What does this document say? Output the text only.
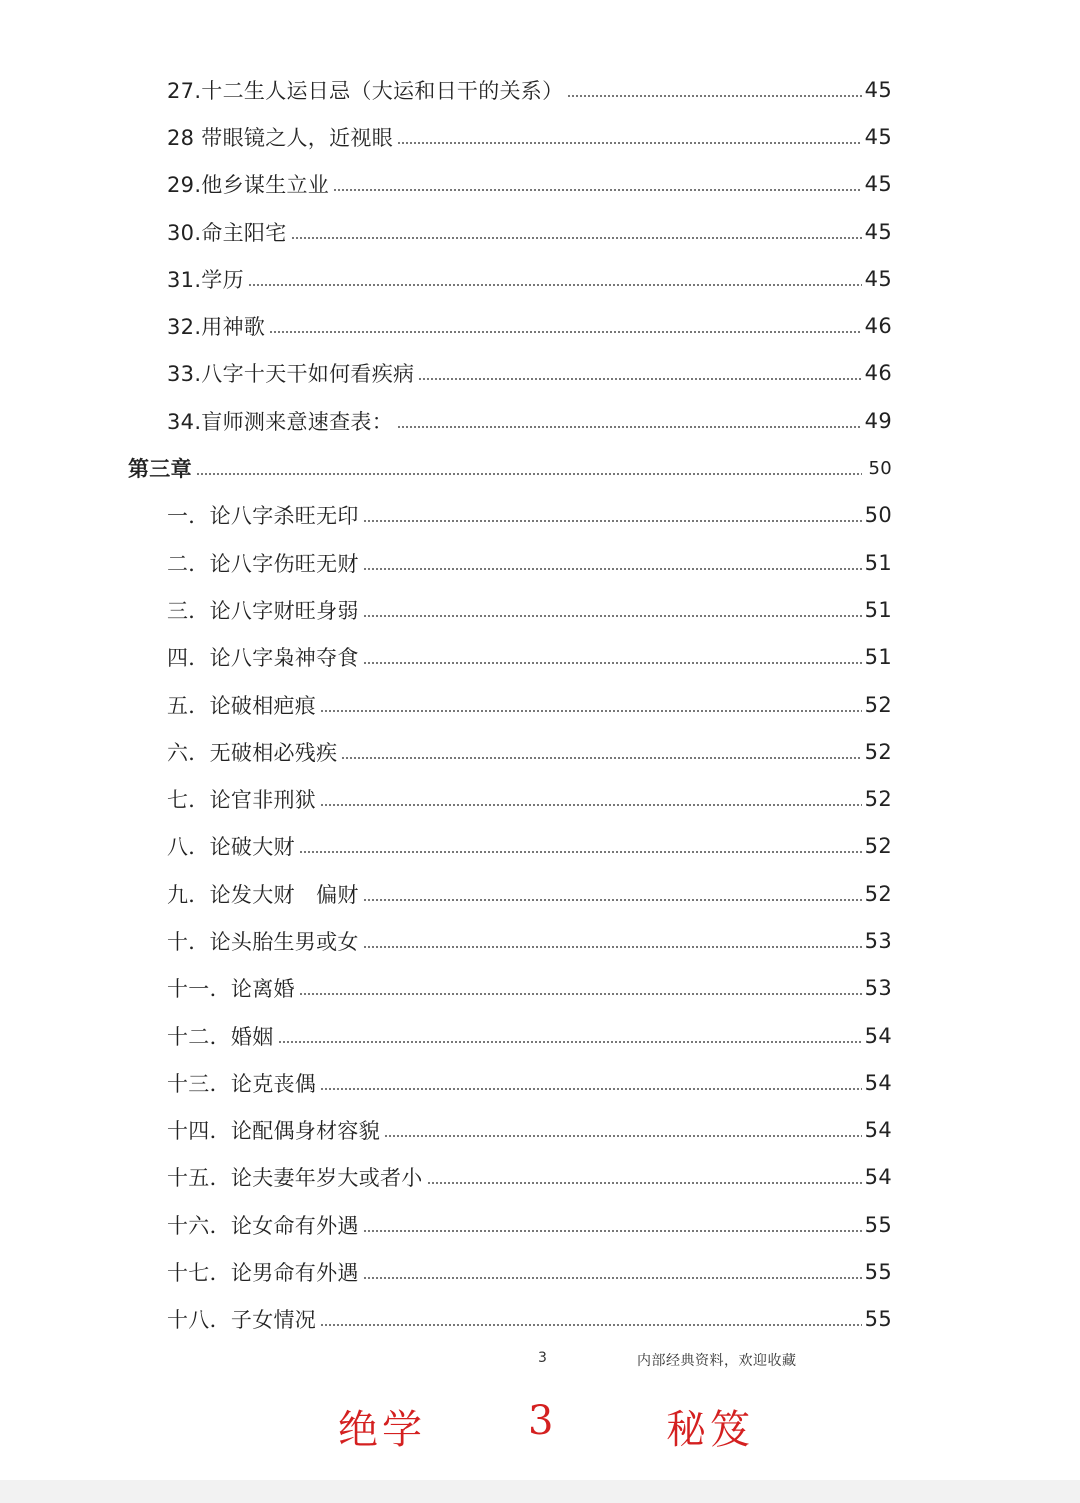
27.十二生人运日忌（大运和日干的关系）	45
28 带眼镜之人，近视眼	45
29.他乡谋生立业	45
30.命主阳宅	45
31.学历	45
32.用神歌	46
33.八字十天干如何看疾病	46
34.盲师测来意速查表：	49
第三章	50
一．论八字杀旺无印	50
二．论八字伤旺无财	51
三．论八字财旺身弱	51
四．论八字枭神夺食	51
五．论破相疤痕	52
六．无破相必残疾	52
七．论官非刑狱	52
八．论破大财	52
九．论发大财　偏财	52
十．论头胎生男或女	53
十一．论离婚	53
十二．婚姻	54
十三．论克丧偶	54
十四．论配偶身材容貌	54
十五．论夫妻年岁大或者小	54
十六．论女命有外遇	55
十七．论男命有外遇	55
十八．子女情况	55
3	内部经典资料，欢迎收藏
绝学	3	秘笈
